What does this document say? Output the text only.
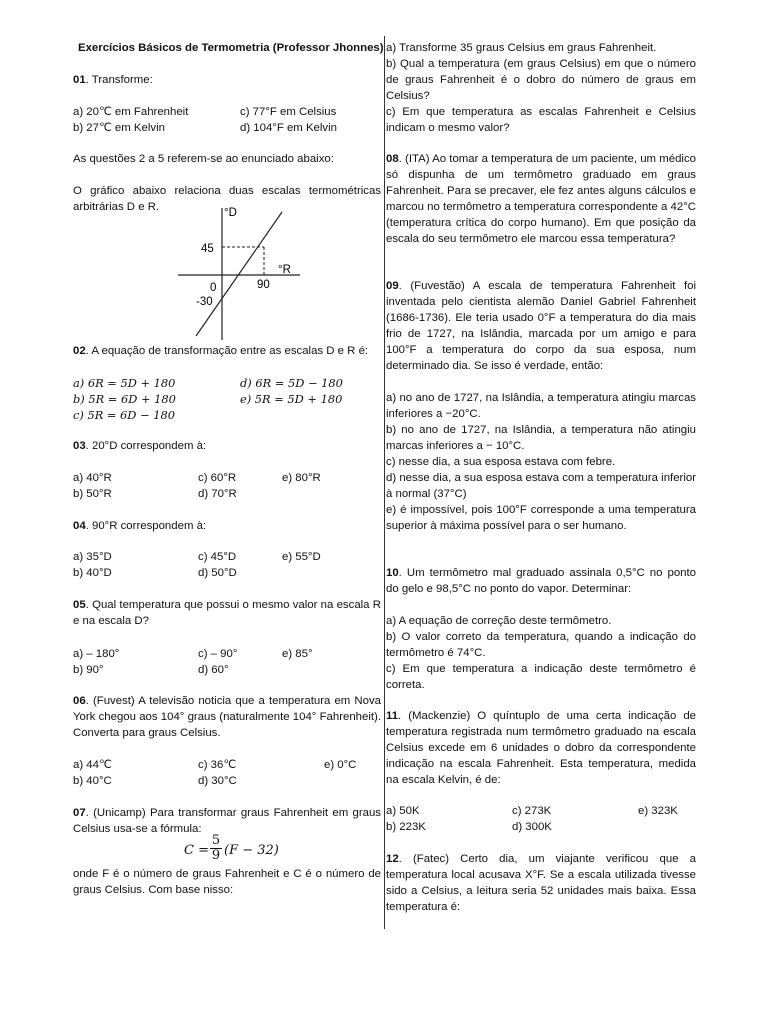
Exercícios Básicos de Termometria (Professor Jhonnes)
01. Transforme:
a) 20℃ em Fahrenheit
b) 27℃ em Kelvin
c) 77°F em Celsius
d) 104°F em Kelvin
As questões 2 a 5 referem-se ao enunciado abaixo:
O gráfico abaixo relaciona duas escalas termométricas arbitrárias D e R.	°D
°R
45
90
0
-30
02. A equação de transformação entre as escalas D e R é:
a) 6R = 5D + 180
b) 5R = 6D + 180
c) 5R = 6D − 180
d) 6R = 5D − 180
e) 5R = 5D + 180
03. 20°D correspondem à:
a) 40°R
b) 50°R
c) 60°R
d) 70°R
e) 80°R
04. 90°R correspondem à:
a) 35°D
b) 40°D
c) 45°D
d) 50°D
e) 55°D
05. Qual temperatura que possui o mesmo valor na escala R e na escala D?
a) – 180°
b) 90°
c) – 90°
d) 60°
e) 85°
06. (Fuvest) A televisão noticia que a temperatura em Nova York chegou aos 104° graus (naturalmente 104° Fahrenheit). Converta para graus Celsius.
a) 44℃
b) 40°C
c) 36℃
d) 30°C
e) 0°C
07. (Unicamp) Para transformar graus Fahrenheit em graus Celsius usa-se a fórmula:
$C = \frac{5}{9} (F - 32)$
onde F é o número de graus Fahrenheit e C é o número de graus Celsius. Com base nisso:
a) Transforme 35 graus Celsius em graus Fahrenheit.
b) Qual a temperatura (em graus Celsius) em que o número de graus Fahrenheit é o dobro do número de graus em Celsius?
c) Em que temperatura as escalas Fahrenheit e Celsius indicam o mesmo valor?
08. (ITA) Ao tomar a temperatura de um paciente, um médico só dispunha de um termômetro graduado em graus Fahrenheit. Para se precaver, ele fez antes alguns cálculos e marcou no termômetro a temperatura correspondente a 42°C (temperatura crítica do corpo humano). Em que posição da escala do seu termômetro ele marcou essa temperatura?
09. (Fuvestão) A escala de temperatura Fahrenheit foi inventada pelo cientista alemão Daniel Gabriel Fahrenheit (1686-1736). Ele teria usado 0°F a temperatura do dia mais frio de 1727, na Islândia, marcada por um amigo e para 100°F a temperatura do corpo da sua esposa, num determinado dia. Se isso é verdade, então:
a) no ano de 1727, na Islândia, a temperatura atingiu marcas inferiores a −20°C.
b) no ano de 1727, na Islândia, a temperatura não atingiu marcas inferiores a − 10°C.
c) nesse dia, a sua esposa estava com febre.
d) nesse dia, a sua esposa estava com a temperatura inferior à normal (37°C)
e) é impossível, pois 100°F corresponde a uma temperatura superior à máxima possível para o ser humano.
10. Um termômetro mal graduado assinala 0,5°C no ponto do gelo e 98,5°C no ponto do vapor. Determinar:
a) A equação de correção deste termômetro.
b) O valor correto da temperatura, quando a indicação do termômetro é 74°C.
c) Em que temperatura a indicação deste termômetro é correta.
11. (Mackenzie) O quíntuplo de uma certa indicação de temperatura registrada num termômetro graduado na escala Celsius excede em 6 unidades o dobro da correspondente indicação na escala Fahrenheit. Esta temperatura, medida na escala Kelvin, é de:
a) 50K
b) 223K
c) 273K
d) 300K
e) 323K
12. (Fatec) Certo dia, um viajante verificou que a temperatura local acusava X°F. Se a escala utilizada tivesse sido a Celsius, a leitura seria 52 unidades mais baixa. Essa temperatura é:
